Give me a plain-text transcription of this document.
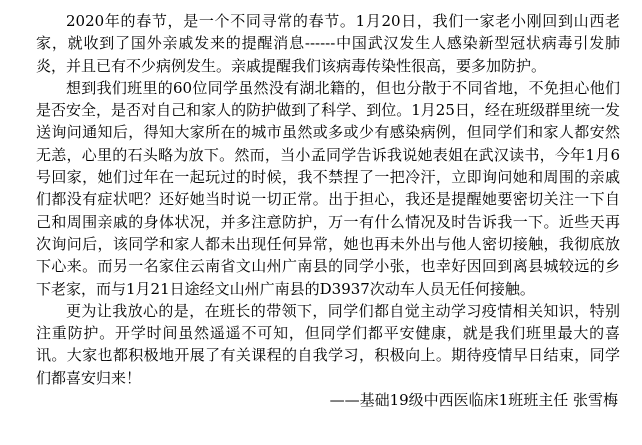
2020年的春节，是一个不同寻常的春节。1月20日，我们一家老小刚回到山西老家，就收到了国外亲戚发来的提醒消息------中国武汉发生人感染新型冠状病毒引发肺炎，并且已有不少病例发生。亲戚提醒我们该病毒传染性很高，要多加防护。

想到我们班里的60位同学虽然没有湖北籍的，但也分散于不同省地，不免担心他们是否安全，是否对自己和家人的防护做到了科学、到位。1月25日，经在班级群里统一发送询问通知后，得知大家所在的城市虽然或多或少有感染病例，但同学们和家人都安然无恙，心里的石头略为放下。然而，当小孟同学告诉我说她表姐在武汉读书，今年1月6号回家，她们过年在一起玩过的时候，我不禁捏了一把冷汗，立即询问她和周围的亲戚们都没有症状吧？还好她当时说一切正常。出于担心，我还是提醒她要密切关注一下自己和周围亲戚的身体状况，并多注意防护，万一有什么情况及时告诉我一下。近些天再次询问后，该同学和家人都未出现任何异常，她也再未外出与他人密切接触，我彻底放下心来。而另一名家住云南省文山州广南县的同学小张，也幸好因回到离县城较远的乡下老家，而与1月21日途经文山州广南县的D3937次动车人员无任何接触。

更为让我放心的是，在班长的带领下，同学们都自觉主动学习疫情相关知识，特别注重防护。开学时间虽然遥遥不可知，但同学们都平安健康，就是我们班里最大的喜讯。大家也都积极地开展了有关课程的自我学习，积极向上。期待疫情早日结束，同学们都喜安归来！

——基础19级中西医临床1班班主任 张雪梅
